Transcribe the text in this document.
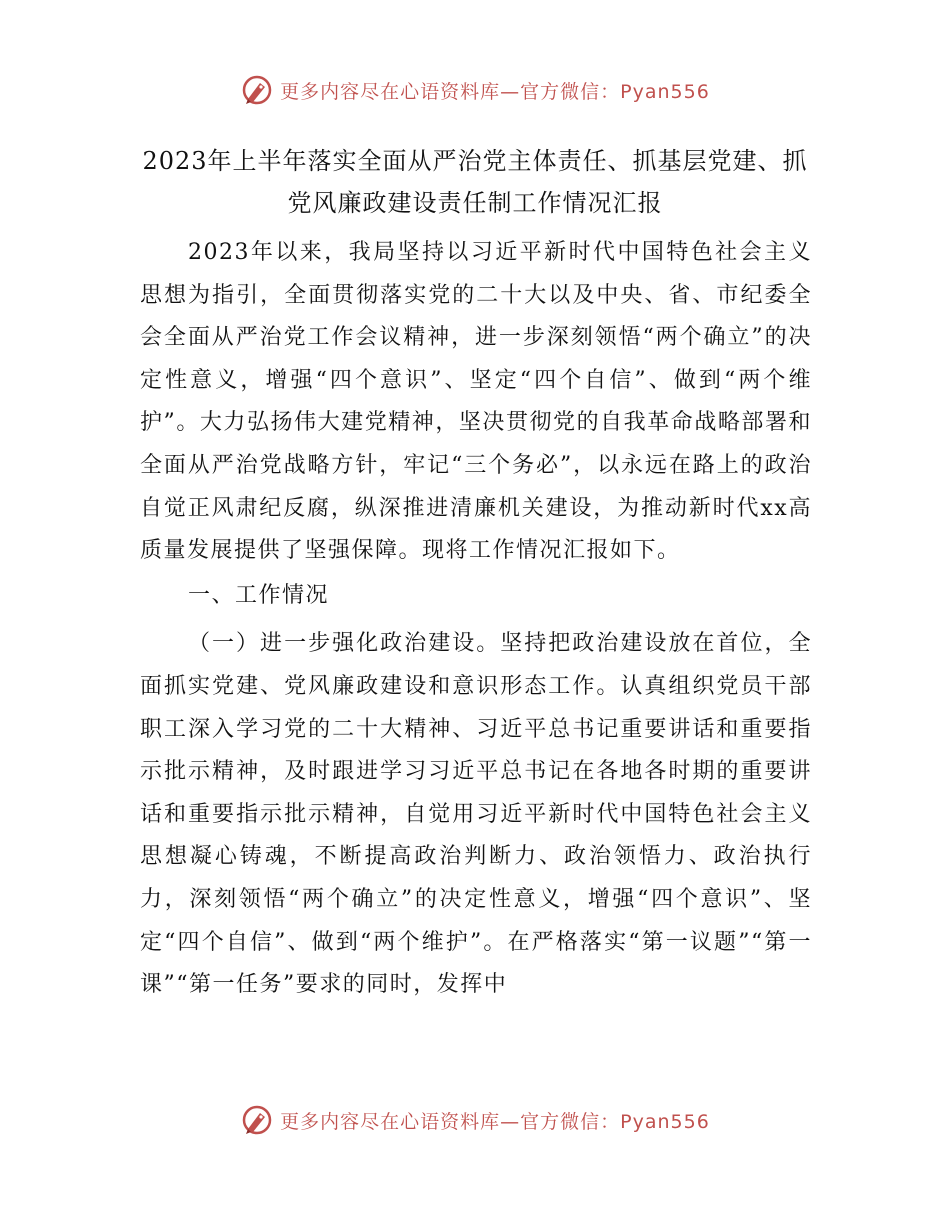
更多内容尽在心语资料库—官方微信：Pyan556
2023年上半年落实全面从严治党主体责任、抓基层党建、抓
党风廉政建设责任制工作情况汇报

2023年以来，我局坚持以习近平新时代中国特色社会主义思想为指引，全面贯彻落实党的二十大以及中央、省、市纪委全会全面从严治党工作会议精神，进一步深刻领悟“两个确立”的决定性意义，增强“四个意识”、坚定“四个自信”、做到“两个维护”。大力弘扬伟大建党精神，坚决贯彻党的自我革命战略部署和全面从严治党战略方针，牢记“三个务必”，以永远在路上的政治自觉正风肃纪反腐，纵深推进清廉机关建设，为推动新时代xx高质量发展提供了坚强保障。现将工作情况汇报如下。

一、工作情况

（一）进一步强化政治建设。坚持把政治建设放在首位，全面抓实党建、党风廉政建设和意识形态工作。认真组织党员干部职工深入学习党的二十大精神、习近平总书记重要讲话和重要指示批示精神，及时跟进学习习近平总书记在各地各时期的重要讲话和重要指示批示精神，自觉用习近平新时代中国特色社会主义思想凝心铸魂，不断提高政治判断力、政治领悟力、政治执行力，深刻领悟“两个确立”的决定性意义，增强“四个意识”、坚定“四个自信”、做到“两个维护”。在严格落实“第一议题”“第一课”“第一任务”要求的同时，发挥中

更多内容尽在心语资料库—官方微信：Pyan556
